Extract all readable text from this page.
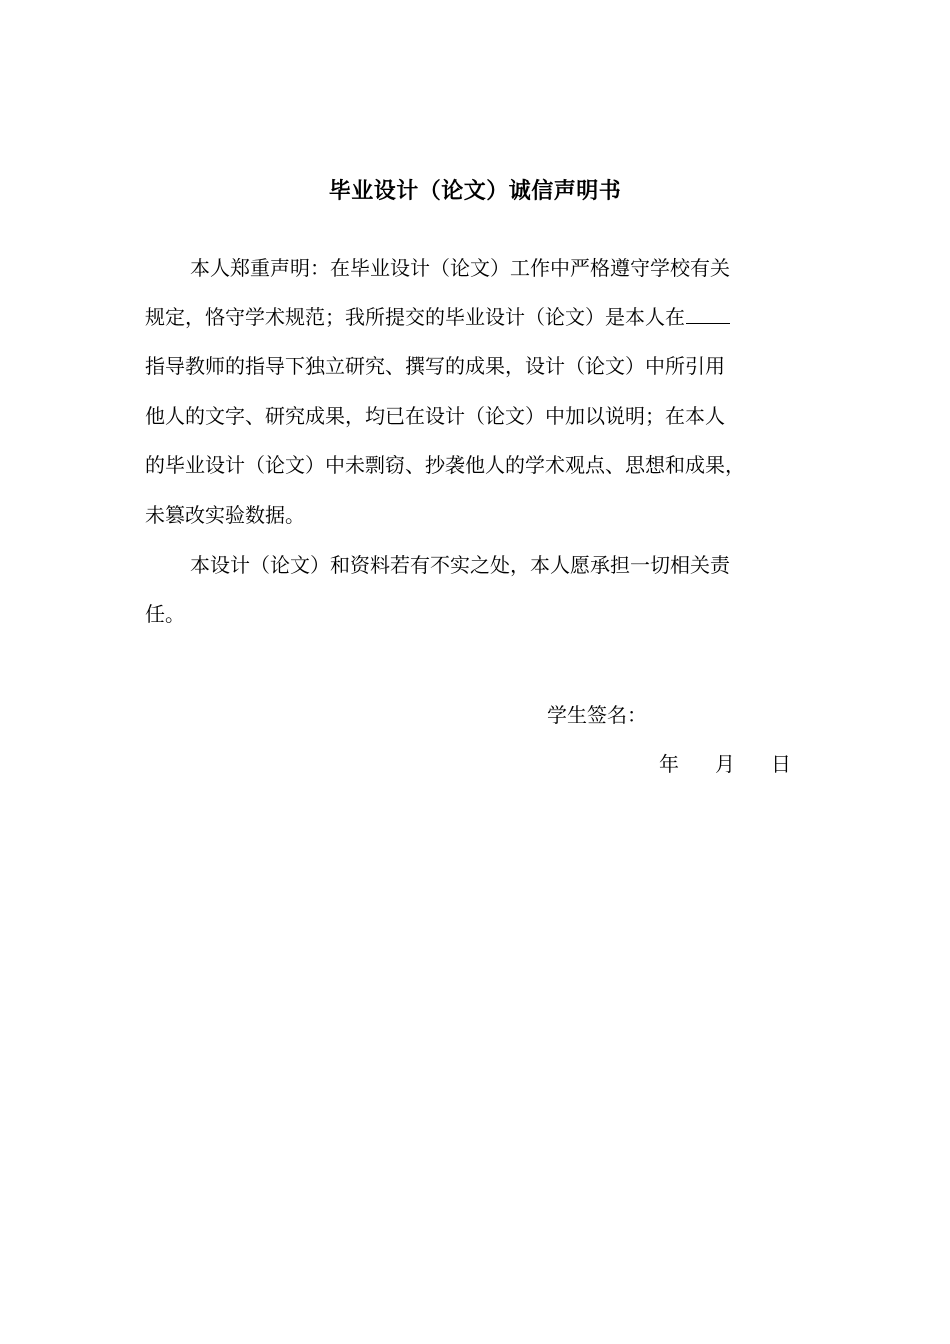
毕业设计（论文）诚信声明书
本人郑重声明：在毕业设计（论文）工作中严格遵守学校有关
规定，恪守学术规范；我所提交的毕业设计（论文）是本人在
指导教师的指导下独立研究、撰写的成果，设计（论文）中所引用
他人的文字、研究成果，均已在设计（论文）中加以说明；在本人
的毕业设计（论文）中未剽窃、抄袭他人的学术观点、思想和成果，
未篡改实验数据。
本设计（论文）和资料若有不实之处，本人愿承担一切相关责
任。
学生签名：
年 月 日
